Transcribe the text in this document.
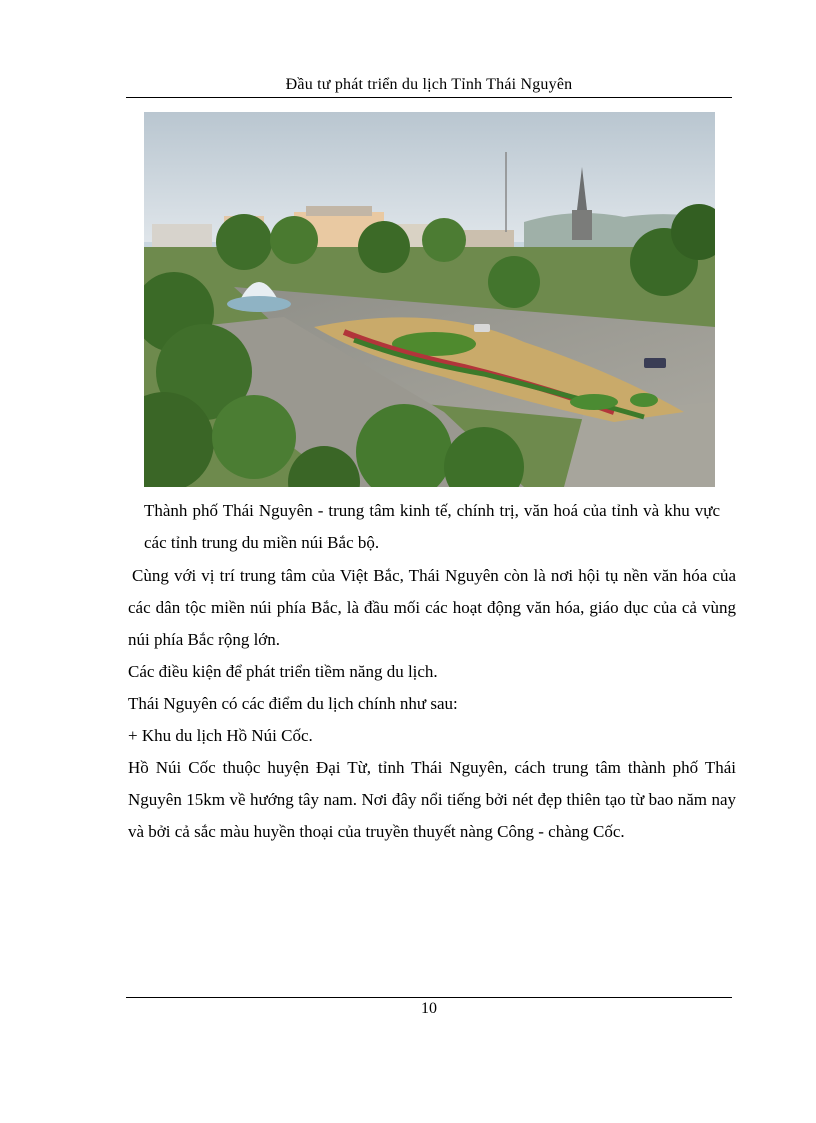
Đầu tư phát triển du lịch Tỉnh Thái Nguyên

Thành phố Thái Nguyên - trung tâm kinh tế, chính trị, văn hoá của tỉnh và khu vực các tỉnh trung du miền núi Bắc bộ.

Cùng với vị trí trung tâm của Việt Bắc, Thái Nguyên còn là nơi hội tụ nền văn hóa của các dân tộc miền núi phía Bắc, là đầu mối các hoạt động văn hóa, giáo dục của cả vùng núi phía Bắc rộng lớn.

Các điều kiện để phát triển tiềm năng du lịch.

Thái Nguyên có các điểm du lịch chính như sau:

+ Khu du lịch Hồ Núi Cốc.

Hồ Núi Cốc thuộc huyện Đại Từ, tỉnh Thái Nguyên, cách trung tâm thành phố Thái Nguyên 15km về hướng tây nam. Nơi đây nổi tiếng bởi nét đẹp thiên tạo từ bao năm nay và bởi cả sắc màu huyền thoại của truyền thuyết nàng Công - chàng Cốc.

10
